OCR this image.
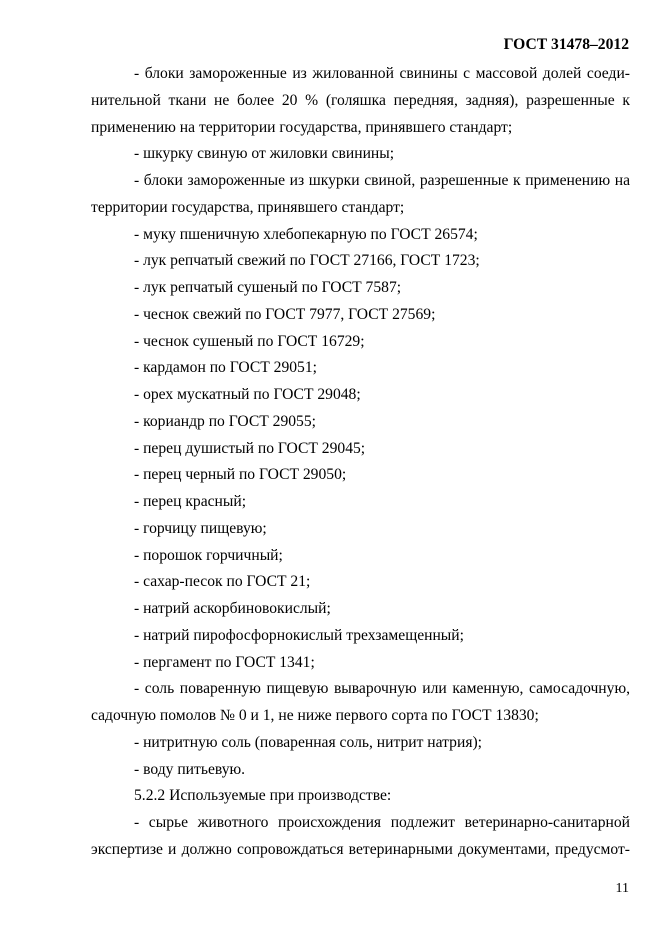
ГОСТ 31478–2012

- блоки замороженные из жилованной свинины с массовой долей соеди-

нительной ткани не более 20 % (голяшка передняя, задняя), разрешенные к

применению на территории государства, принявшего стандарт;

- шкурку свиную от жиловки свинины;

- блоки замороженные из шкурки свиной, разрешенные к применению на

территории государства, принявшего стандарт;

- муку пшеничную хлебопекарную по ГОСТ 26574;

- лук репчатый свежий по ГОСТ 27166, ГОСТ 1723;

- лук репчатый сушеный по ГОСТ 7587;

- чеснок свежий по ГОСТ 7977, ГОСТ 27569;

- чеснок сушеный по ГОСТ 16729;

- кардамон по ГОСТ 29051;

- орех мускатный по ГОСТ 29048;

- кориандр по ГОСТ 29055;

- перец душистый по ГОСТ 29045;

- перец черный по ГОСТ 29050;

- перец красный;

- горчицу пищевую;

- порошок горчичный;

- сахар-песок по ГОСТ 21;

- натрий аскорбиновокислый;

- натрий пирофосфорнокислый трехзамещенный;

- пергамент по ГОСТ 1341;

- соль поваренную пищевую выварочную или каменную, самосадочную,

садочную помолов № 0 и 1, не ниже первого сорта по ГОСТ 13830;

- нитритную соль (поваренная соль, нитрит натрия);

- воду питьевую.

5.2.2 Используемые при производстве:

- сырье животного происхождения подлежит ветеринарно-санитарной

экспертизе и должно сопровождаться ветеринарными документами, предусмот-

11
